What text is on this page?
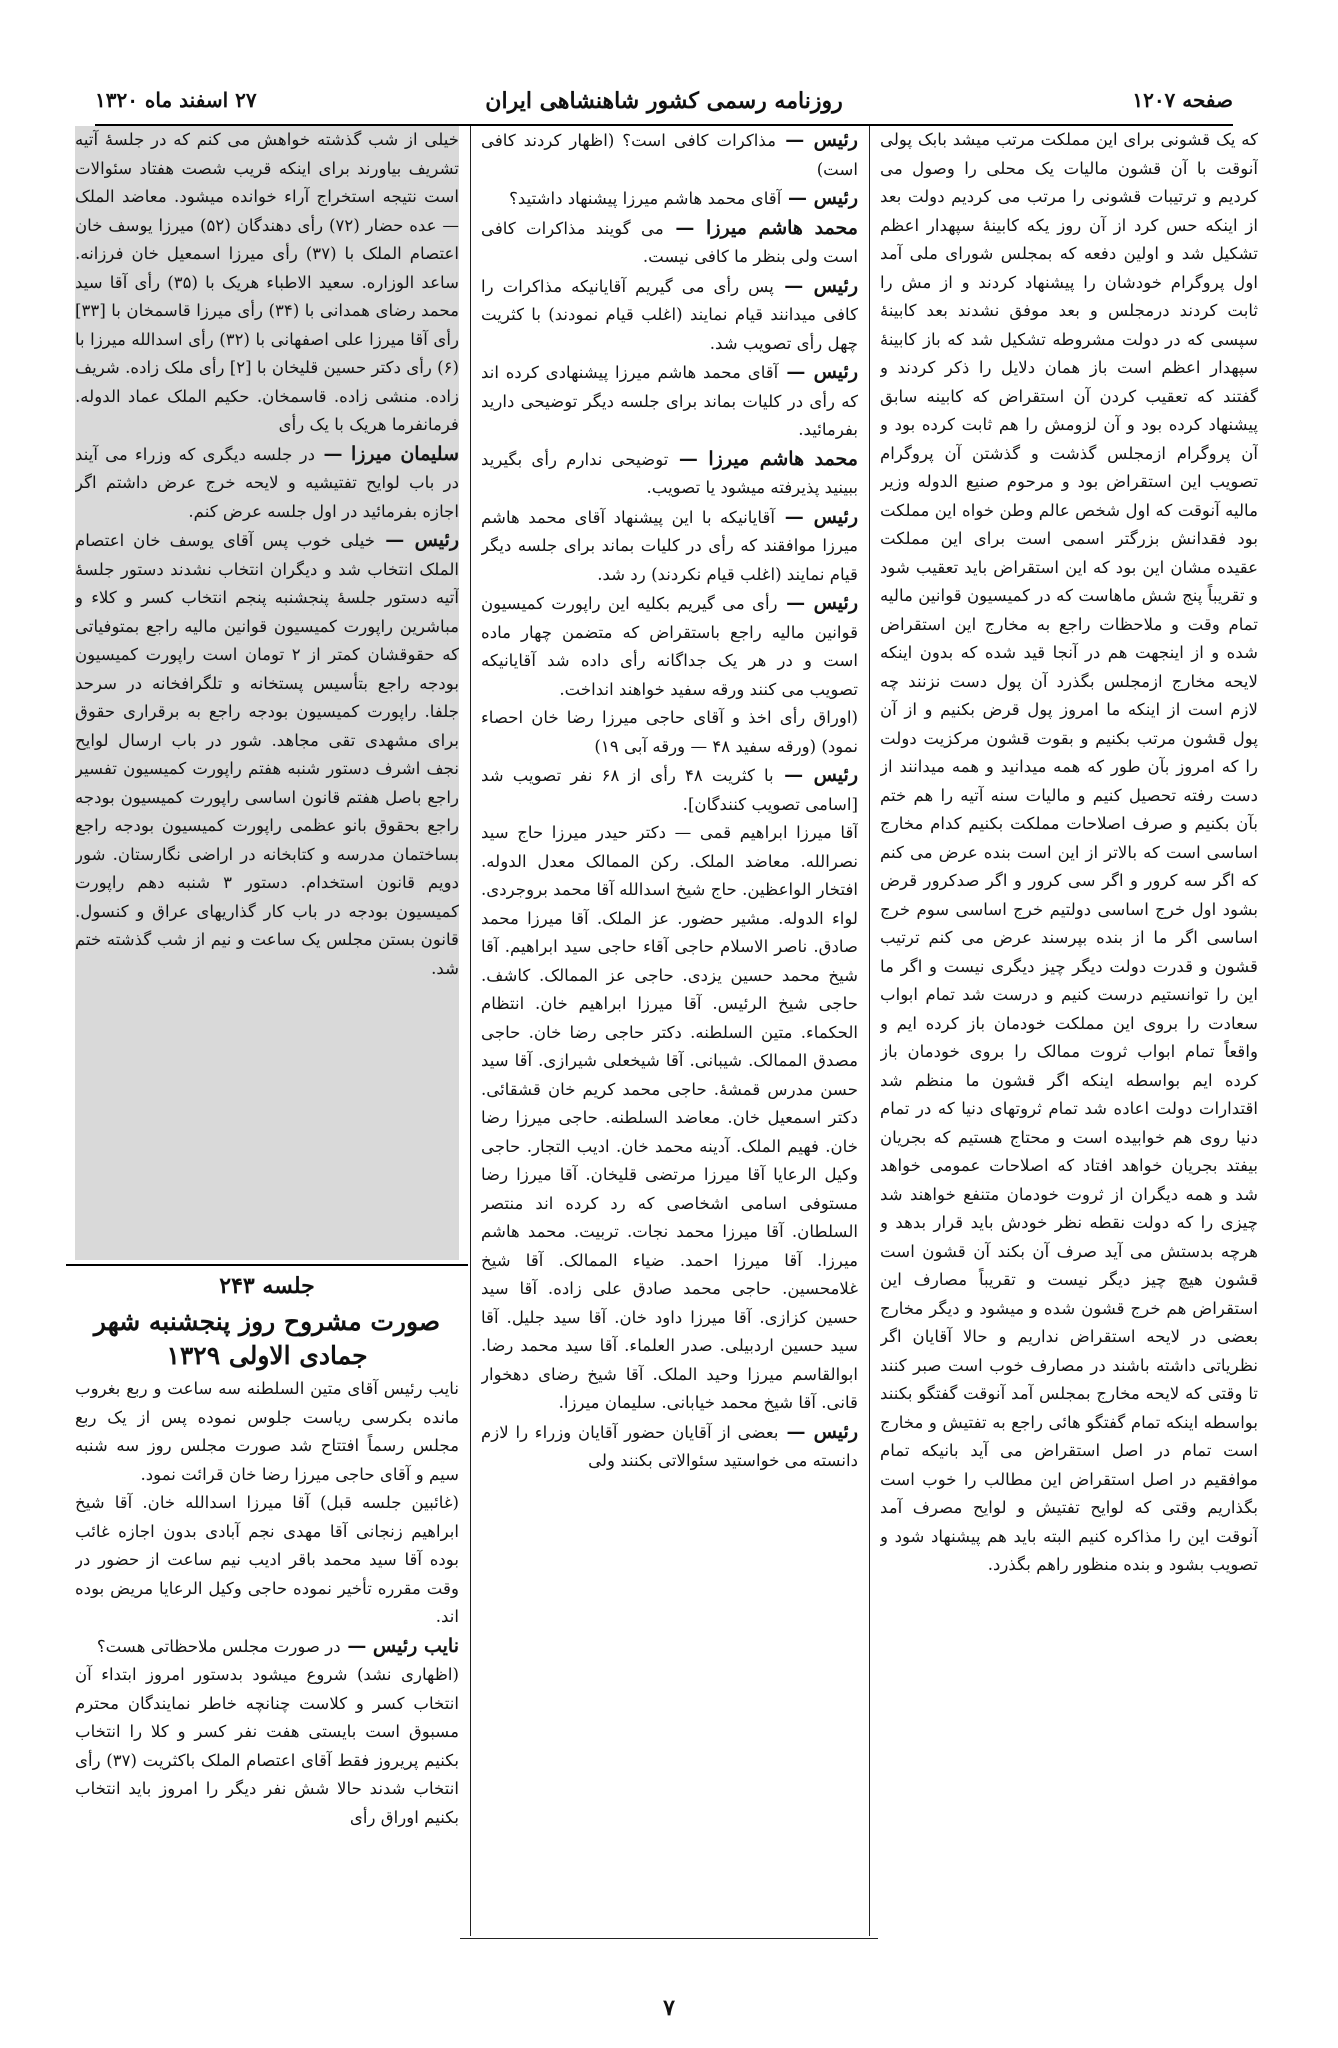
صفحه ۱۲۰۷
روزنامه رسمی کشور شاهنشاهی ایران
۲۷ اسفند ماه ۱۳۲۰

که یک قشونی برای این مملکت مرتب میشد بابک پولی آنوقت با آن قشون مالیات یک محلی را وصول می کردیم و ترتیبات قشونی را مرتب می کردیم دولت بعد از اینکه حس کرد از آن روز یکه کابینهٔ سپهدار اعظم تشکیل شد و اولین دفعه که بمجلس شورای ملی آمد اول پروگرام خودشان را پیشنهاد کردند و از مش را ثابت کردند درمجلس و بعد موفق نشدند بعد کابینهٔ سپسی که در دولت مشروطه تشکیل شد که باز کابینهٔ سپهدار اعظم است باز همان دلایل را ذکر کردند و گفتند که تعقیب کردن آن استقراض که کابینه سابق پیشنهاد کرده بود و آن لزومش را هم ثابت کرده بود و آن پروگرام ازمجلس گذشت و گذشتن آن پروگرام تصویب این استقراض بود و مرحوم صنیع الدوله وزیر مالیه آنوقت که اول شخص عالم وطن خواه این مملکت بود فقدانش بزرگتر اسمی است برای این مملکت عقیده مشان این بود که این استقراض باید تعقیب شود و تقریباً پنج شش ماهاست که در کمیسیون قوانین مالیه تمام وقت و ملاحظات راجع به مخارج این استقراض شده و از اینجهت هم در آنجا قید شده که بدون اینکه لایحه مخارج ازمجلس بگذرد آن پول دست نزنند چه لازم است از اینکه ما امروز پول قرض بکنیم و از آن پول قشون مرتب بکنیم و بقوت قشون مرکزیت دولت را که امروز بآن طور که همه میدانید و همه میدانند از دست رفته تحصیل کنیم و مالیات سنه آتیه را هم ختم بآن بکنیم و صرف اصلاحات مملکت بکنیم کدام مخارج اساسی است که بالاتر از این است بنده عرض می کنم که اگر سه کرور و اگر سی کرور و اگر صدکرور قرض بشود اول خرج اساسی دولتیم خرج اساسی سوم خرج اساسی اگر ما از بنده بپرسند عرض می کنم ترتیب قشون و قدرت دولت دیگر چیز دیگری نیست و اگر ما این را توانستیم درست کنیم و درست شد تمام ابواب سعادت را بروی این مملکت خودمان باز کرده ایم و واقعاً تمام ابواب ثروت ممالک را بروی خودمان باز کرده ایم بواسطه اینکه اگر قشون ما منظم شد اقتدارات دولت اعاده شد تمام ثروتهای دنیا که در تمام دنیا روی هم خوابیده است و محتاج هستیم که بجریان بیفتد بجریان خواهد افتاد که اصلاحات عمومی خواهد شد و همه دیگران از ثروت خودمان متنفع خواهند شد چیزی را که دولت نقطه نظر خودش باید قرار بدهد و هرچه بدستش می آید صرف آن بکند آن قشون است قشون هیچ چیز دیگر نیست و تقریباً مصارف این استقراض هم خرج قشون شده و میشود و دیگر مخارج بعضی در لایحه استقراض نداریم و حالا آقایان اگر نظریاتی داشته باشند در مصارف خوب است صبر کنند تا وقتی که لایحه مخارج بمجلس آمد آنوقت گفتگو بکنند بواسطه اینکه تمام گفتگو هائی راجع به تفتیش و مخارج است تمام در اصل استقراض می آید بانیکه تمام موافقیم در اصل استقراض این مطالب را خوب است بگذاریم وقتی که لوایح تفتیش و لوایح مصرف آمد آنوقت این را مذاکره کنیم البته باید هم پیشنهاد شود و تصویب بشود و بنده منظور راهم بگذرد.

رئیس — مذاکرات کافی است؟ (اظهار کردند کافی است)

رئیس — آقای محمد هاشم میرزا پیشنهاد داشتید؟

محمد هاشم میرزا — می گویند مذاکرات کافی است ولی بنظر ما کافی نیست.

رئیس — پس رأی می گیریم آقایانیکه مذاکرات را کافی میدانند قیام نمایند (اغلب قیام نمودند) با کثریت چهل رأی تصویب شد.

رئیس — آقای محمد هاشم میرزا پیشنهادی کرده اند که رأی در کلیات بماند برای جلسه دیگر توضیحی دارید بفرمائید.

محمد هاشم میرزا — توضیحی ندارم رأی بگیرید ببینید پذیرفته میشود یا تصویب.

رئیس — آقایانیکه با این پیشنهاد آقای محمد هاشم میرزا موافقند که رأی در کلیات بماند برای جلسه دیگر قیام نمایند (اغلب قیام نکردند) رد شد.

رئیس — رأی می گیریم بکلیه این راپورت کمیسیون قوانین مالیه راجع باستقراض که متضمن چهار ماده است و در هر یک جداگانه رأی داده شد آقایانیکه تصویب می کنند ورقه سفید خواهند انداخت.

(اوراق رأی اخذ و آقای حاجی میرزا رضا خان احصاء نمود) (ورقه سفید ۴۸ — ورقه آبی ۱۹)

رئیس — با کثریت ۴۸ رأی از ۶۸ نفر تصویب شد [اسامی تصویب کنندگان].

آقا میرزا ابراهیم قمی — دکتر حیدر میرزا حاج سید نصرالله. معاضد الملک. رکن الممالک معدل الدوله. افتخار الواعظین. حاج شیخ اسدالله آقا محمد بروجردی. لواء الدوله. مشیر حضور. عز الملک. آقا میرزا محمد صادق. ناصر الاسلام حاجی آقاء حاجی سید ابراهیم. آقا شیخ محمد حسین یزدی. حاجی عز الممالک. کاشف. حاجی شیخ الرئیس. آقا میرزا ابراهیم خان. انتظام الحکماء. متین السلطنه. دکتر حاجی رضا خان. حاجی مصدق الممالک. شیبانی. آقا شیخعلی شیرازی. آقا سید حسن مدرس قمشهٔ. حاجی محمد کریم خان قشقائی. دکتر اسمعیل خان. معاضد السلطنه. حاجی میرزا رضا خان. فهیم الملک. آدینه محمد خان. ادیب التجار. حاجی وکیل الرعایا آقا میرزا مرتضی قلیخان. آقا میرزا رضا مستوفی اسامی اشخاصی که رد کرده اند منتصر السلطان. آقا میرزا محمد نجات. تربیت. محمد هاشم میرزا. آقا میرزا احمد. ضیاء الممالک. آقا شیخ غلامحسین. حاجی محمد صادق علی زاده. آقا سید حسین کزازی. آقا میرزا داود خان. آقا سید جلیل. آقا سید حسین اردبیلی. صدر العلماء. آقا سید محمد رضا. ابوالقاسم میرزا وحید الملک. آقا شیخ رضای دهخوار قانی. آقا شیخ محمد خیابانی. سلیمان میرزا.

رئیس — بعضی از آقایان حضور آقایان وزراء را لازم دانسته می خواستید سئوالاتی بکنند ولی

خیلی از شب گذشته خواهش می کنم که در جلسهٔ آتیه تشریف بیاورند برای اینکه قریب شصت هفتاد سئوالات است نتیجه استخراج آراء خوانده میشود. معاضد الملک — عده حضار (۷۲) رأی دهندگان (۵۲) میرزا یوسف خان اعتصام الملک با (۳۷) رأی میرزا اسمعیل خان فرزانه. ساعد الوزاره. سعید الاطباء هریک با (۳۵) رأی آقا سید محمد رضای همدانی با (۳۴) رأی میرزا قاسمخان با [۳۳] رأی آقا میرزا علی اصفهانی با (۳۲) رأی اسدالله میرزا با (۶) رأی دکتر حسین قلیخان با [۲] رأی ملک زاده. شریف زاده. منشی زاده. قاسمخان. حکیم الملک عماد الدوله. فرمانفرما هریک با یک رأی

سلیمان میرزا — در جلسه دیگری که وزراء می آیند در باب لوایح تفتیشیه و لایحه خرج عرض داشتم اگر اجازه بفرمائید در اول جلسه عرض کنم.

رئیس — خیلی خوب پس آقای یوسف خان اعتصام الملک انتخاب شد و دیگران انتخاب نشدند دستور جلسهٔ آتیه دستور جلسهٔ پنجشنبه پنجم انتخاب کسر و کلاء و مباشرین راپورت کمیسیون قوانین مالیه راجع بمتوفیاتی که حقوقشان کمتر از ۲ تومان است راپورت کمیسیون بودجه راجع بتأسیس پستخانه و تلگرافخانه در سرحد جلفا. راپورت کمیسیون بودجه راجع به برقراری حقوق برای مشهدی تقی مجاهد. شور در باب ارسال لوایح نجف اشرف دستور شنبه هفتم راپورت کمیسیون تفسیر راجع باصل هفتم قانون اساسی راپورت کمیسیون بودجه راجع بحقوق بانو عظمی راپورت کمیسیون بودجه راجع بساختمان مدرسه و کتابخانه در اراضی نگارستان. شور دویم قانون استخدام. دستور ۳ شنبه دهم راپورت کمیسیون بودجه در باب کار گذاریهای عراق و کنسول. قانون بستن مجلس یک ساعت و نیم از شب گذشته ختم شد.

جلسه ۲۴۳
صورت مشروح روز پنجشنبه شهر جمادی الاولی ۱۳۲۹

نایب رئیس آقای متین السلطنه سه ساعت و ربع بغروب مانده بکرسی ریاست جلوس نموده پس از یک ربع مجلس رسماً افتتاح شد صورت مجلس روز سه شنبه سیم و آقای حاجی میرزا رضا خان قرائت نمود.

(غائبین جلسه قبل) آقا میرزا اسدالله خان. آقا شیخ ابراهیم زنجانی آقا مهدی نجم آبادی بدون اجازه غائب بوده آقا سید محمد باقر ادیب نیم ساعت از حضور در وقت مقرره تأخیر نموده حاجی وکیل الرعایا مریض بوده اند.

نایب رئیس — در صورت مجلس ملاحظاتی هست؟

(اظهاری نشد) شروع میشود بدستور امروز ابتداء آن انتخاب کسر و کلاست چنانچه خاطر نمایندگان محترم مسبوق است بایستی هفت نفر کسر و کلا را انتخاب بکنیم پریروز فقط آقای اعتصام الملک باکثریت (۳۷) رأی انتخاب شدند حالا شش نفر دیگر را امروز باید انتخاب بکنیم اوراق رأی

۷
